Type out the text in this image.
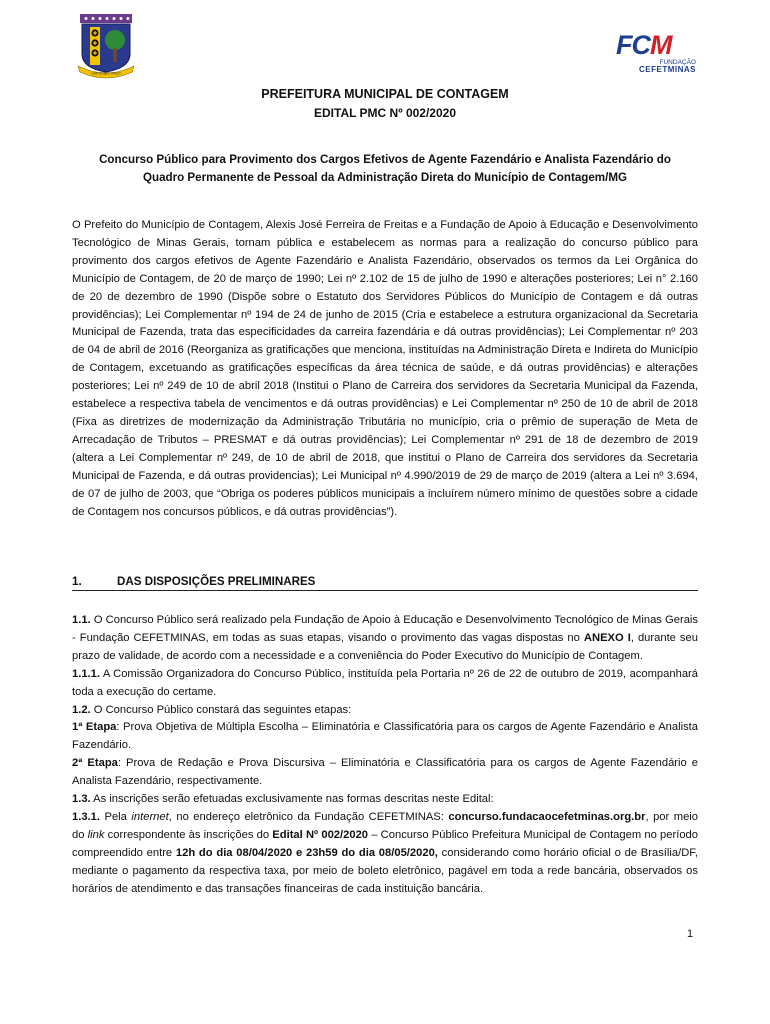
UNI NOBIS UNUS
FCM
FUNDAÇÃO
CEFETMINAS
PREFEITURA MUNICIPAL DE CONTAGEM
EDITAL PMC Nº 002/2020
Concurso Público para Provimento dos Cargos Efetivos de Agente Fazendário e Analista Fazendário do
Quadro Permanente de Pessoal da Administração Direta do Município de Contagem/MG
O Prefeito do Município de Contagem, Alexis José Ferreira de Freitas e a Fundação de Apoio à Educação e Desenvolvimento Tecnológico de Minas Gerais, tornam pública e estabelecem as normas para a realização do concurso público para provimento dos cargos efetivos de Agente Fazendário e Analista Fazendário, observados os termos da Lei Orgânica do Município de Contagem, de 20 de março de 1990; Lei nº 2.102 de 15 de julho de 1990 e alterações posteriores; Lei n° 2.160 de 20 de dezembro de 1990 (Dispõe sobre o Estatuto dos Servidores Públicos do Município de Contagem e dá outras providências); Lei Complementar nº 194 de 24 de junho de 2015 (Cria e estabelece a estrutura organizacional da Secretaria Municipal de Fazenda, trata das especificidades da carreira fazendária e dá outras providências); Lei Complementar nº 203 de 04 de abril de 2016 (Reorganiza as gratificações que menciona, instituídas na Administração Direta e Indireta do Município de Contagem, excetuando as gratificações específicas da área técnica de saúde, e dá outras providências) e alterações posteriores; Lei nº 249 de 10 de abril 2018 (Institui o Plano de Carreira dos servidores da Secretaria Municipal da Fazenda, estabelece a respectiva tabela de vencimentos e dá outras providências) e Lei Complementar nº 250 de 10 de abril de 2018 (Fixa as diretrizes de modernização da Administração Tributária no município, cria o prêmio de superação de Meta de Arrecadação de Tributos – PRESMAT e dá outras providências); Lei Complementar nº 291 de 18 de dezembro de 2019 (altera a Lei Complementar nº 249, de 10 de abril de 2018, que institui o Plano de Carreira dos servidores da Secretaria Municipal de Fazenda, e dá outras providencias); Lei Municipal nº 4.990/2019 de 29 de março de 2019 (altera a Lei nº 3.694, de 07 de julho de 2003, que “Obriga os poderes públicos municipais a incluírem número mínimo de questões sobre a cidade de Contagem nos concursos públicos, e dá outras providências”).
1.	DAS DISPOSIÇÕES PRELIMINARES

1.1. O Concurso Público será realizado pela Fundação de Apoio à Educação e Desenvolvimento Tecnológico de Minas Gerais - Fundação CEFETMINAS, em todas as suas etapas, visando o provimento das vagas dispostas no ANEXO I, durante seu prazo de validade, de acordo com a necessidade e a conveniência do Poder Executivo do Município de Contagem.

1.1.1. A Comissão Organizadora do Concurso Público, instituída pela Portaria nº 26 de 22 de outubro de 2019, acompanhará toda a execução do certame.

1.2. O Concurso Público constará das seguintes etapas:

1ª Etapa: Prova Objetiva de Múltipla Escolha – Eliminatória e Classificatória para os cargos de Agente Fazendário e Analista Fazendário.

2ª Etapa: Prova de Redação e Prova Discursiva – Eliminatória e Classificatória para os cargos de Agente Fazendário e Analista Fazendário, respectivamente.

1.3. As inscrições serão efetuadas exclusivamente nas formas descritas neste Edital:

1.3.1. Pela internet, no endereço eletrônico da Fundação CEFETMINAS: concurso.fundacaocefetminas.org.br, por meio do link correspondente às inscrições do Edital Nº 002/2020 – Concurso Público Prefeitura Municipal de Contagem no período compreendido entre 12h do dia 08/04/2020 e 23h59 do dia 08/05/2020, considerando como horário oficial o de Brasília/DF, mediante o pagamento da respectiva taxa, por meio de boleto eletrônico, pagável em toda a rede bancária, observados os horários de atendimento e das transações financeiras de cada instituição bancária.

1
